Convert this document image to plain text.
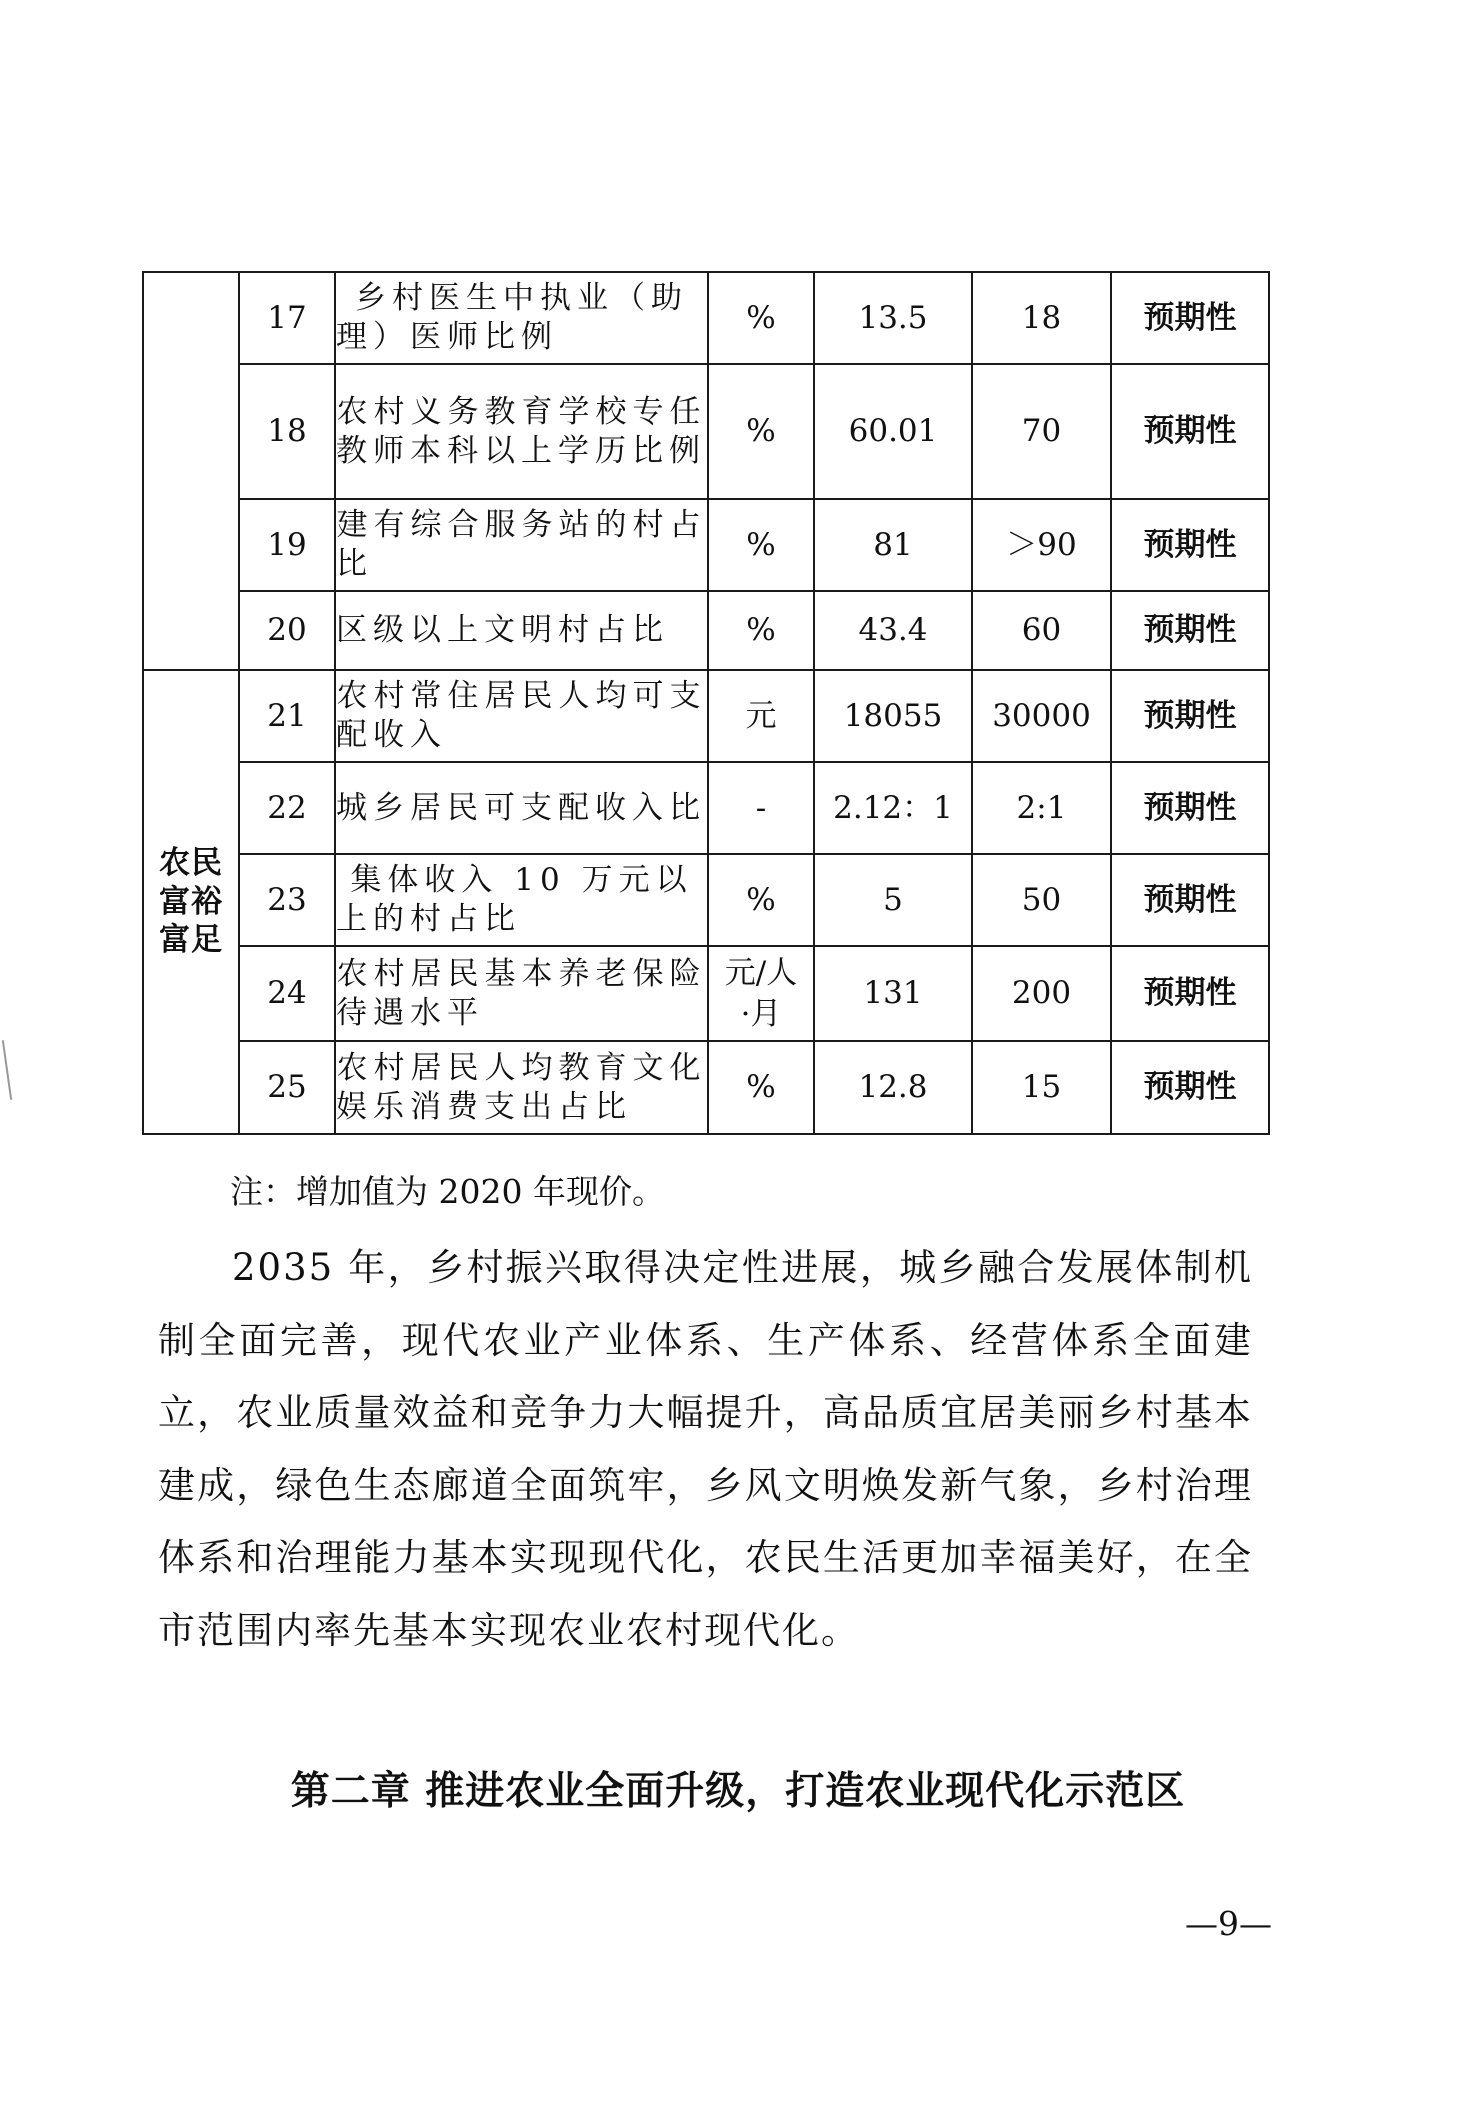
	17	乡村医生中执业（助理）医师比例	%	13.5	18	预期性
	18	农村义务教育学校专任教师本科以上学历比例	%	60.01	70	预期性
	19	建有综合服务站的村占比	%	81	＞90	预期性
	20	区级以上文明村占比	%	43.4	60	预期性

农民富裕富足	21	农村常住居民人均可支配收入	元	18055	30000	预期性
	22	城乡居民可支配收入比	-	2.12：1	2:1	预期性
	23	集体收入 10 万元以上的村占比	%	5	50	预期性
	24	农村居民基本养老保险待遇水平	元/人·月	131	200	预期性
	25	农村居民人均教育文化娱乐消费支出占比	%	12.8	15	预期性
注：增加值为 2020 年现价。

2035 年，乡村振兴取得决定性进展，城乡融合发展体制机制全面完善，现代农业产业体系、生产体系、经营体系全面建立，农业质量效益和竞争力大幅提升，高品质宜居美丽乡村基本建成，绿色生态廊道全面筑牢，乡风文明焕发新气象，乡村治理体系和治理能力基本实现现代化，农民生活更加幸福美好，在全市范围内率先基本实现农业农村现代化。

第二章 推进农业全面升级，打造农业现代化示范区
—9—
